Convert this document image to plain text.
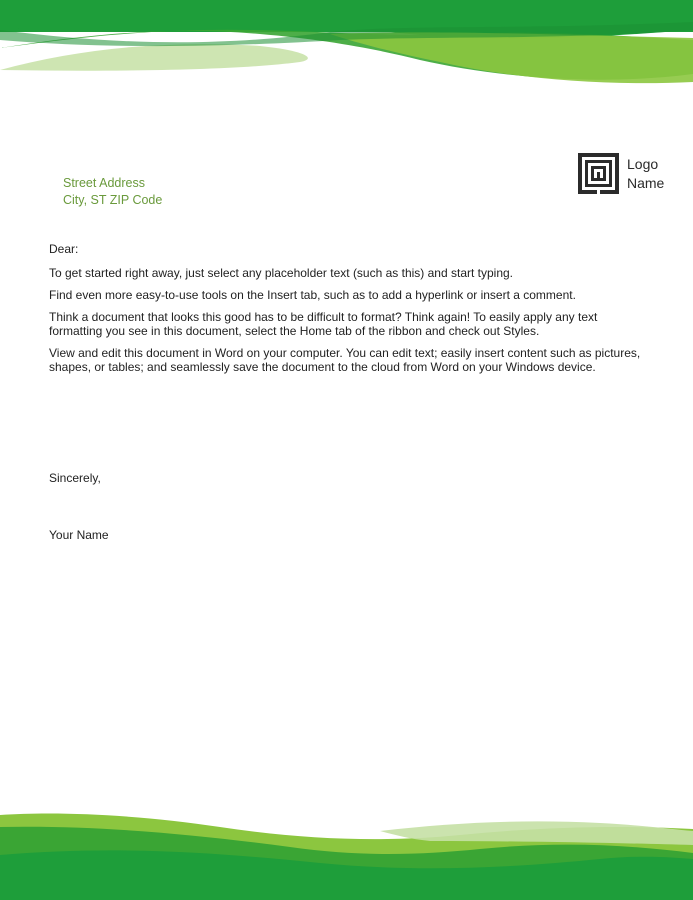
Logo Name
Street Address
City, ST ZIP Code

Dear:

To get started right away, just select any placeholder text (such as this) and start typing.

Find even more easy-to-use tools on the Insert tab, such as to add a hyperlink or insert a comment.

Think a document that looks this good has to be difficult to format? Think again! To easily apply any text formatting you see in this document, select the Home tab of the ribbon and check out Styles.

View and edit this document in Word on your computer. You can edit text; easily insert content such as pictures, shapes, or tables; and seamlessly save the document to the cloud from Word on your Windows device.

Sincerely,
Your Name
